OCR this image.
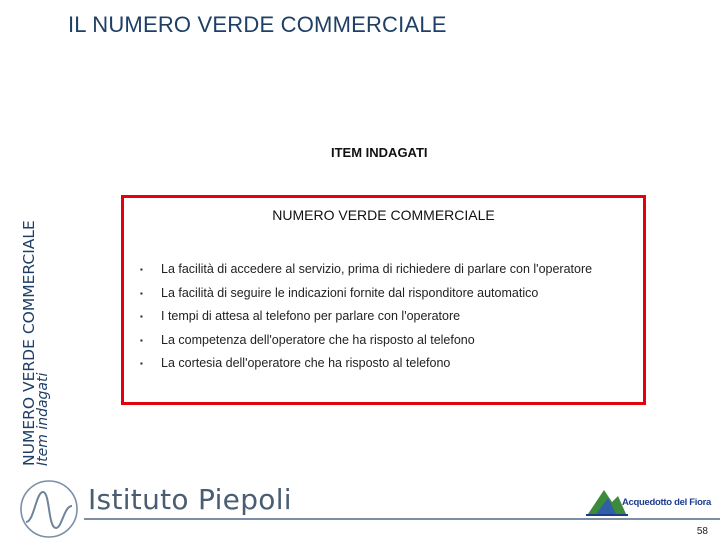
IL NUMERO VERDE COMMERCIALE
NUMERO VERDE COMMERCIALE
Item indagati
ITEM INDAGATI
NUMERO VERDE COMMERCIALE
▪ La facilità di accedere al servizio, prima di richiedere di parlare con l'operatore
▪ La facilità di seguire le indicazioni fornite dal risponditore automatico
▪ I tempi di attesa al telefono per parlare con l'operatore
▪ La competenza dell'operatore che ha risposto al telefono
▪ La cortesia dell'operatore che ha risposto al telefono
Istituto Piepoli	Acquedotto del Fiora
58
